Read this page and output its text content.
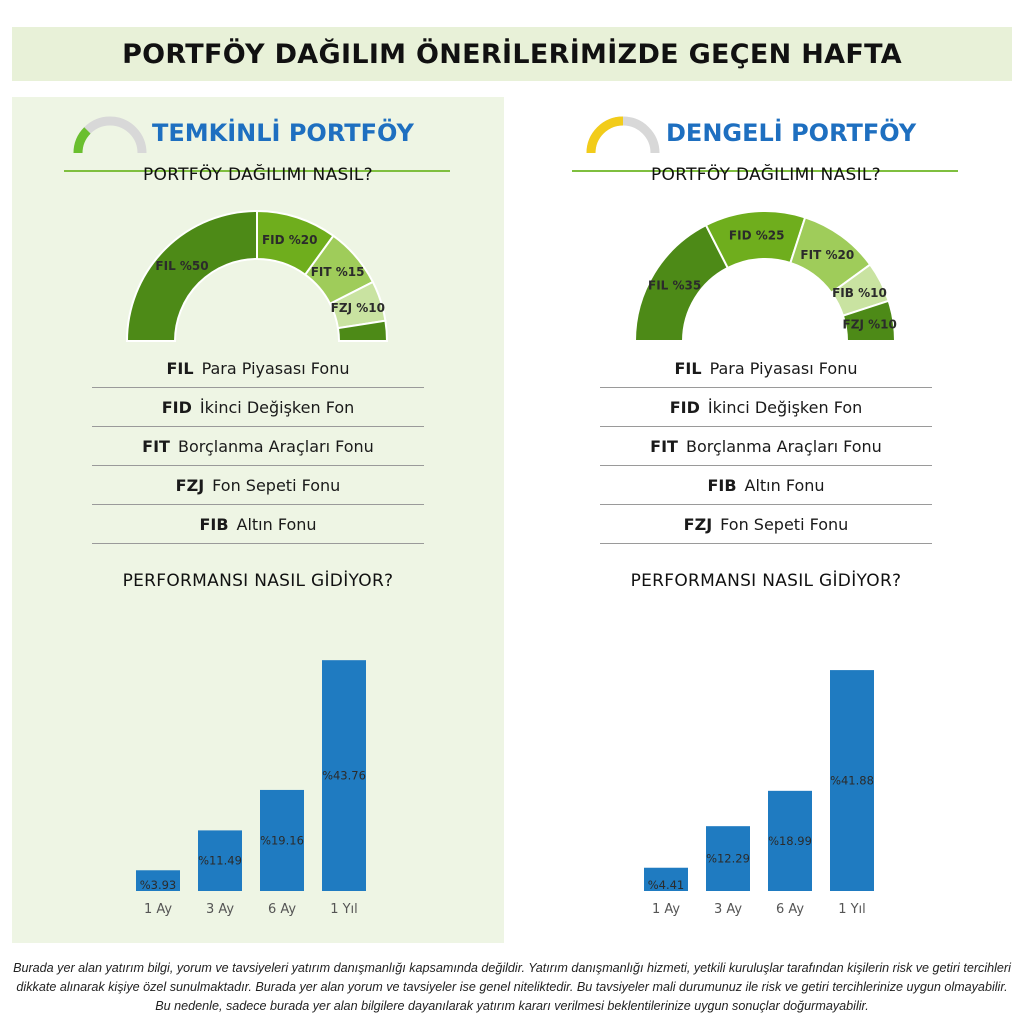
PORTFÖY DAĞILIM ÖNERİLERİMİZDE GEÇEN HAFTA
TEMKİNLİ PORTFÖY
PORTFÖY DAĞILIMI NASIL?
FIL %50
FID %20
FIT %15
FZJ %10
FIL Para Piyasası Fonu
FID İkinci Değişken Fon
FIT Borçlanma Araçları Fonu
FZJ Fon Sepeti Fonu
FIB Altın Fonu
PERFORMANSI NASIL GİDİYOR?
%3.93
1 Ay
%11.49
3 Ay
%19.16
6 Ay
%43.76
1 Yıl
DENGELİ PORTFÖY
PORTFÖY DAĞILIMI NASIL?
FIL %35
FID %25
FIT %20
FIB %10
FZJ %10
FIL Para Piyasası Fonu
FID İkinci Değişken Fon
FIT Borçlanma Araçları Fonu
FIB Altın Fonu
FZJ Fon Sepeti Fonu
PERFORMANSI NASIL GİDİYOR?
%4.41
1 Ay
%12.29
3 Ay
%18.99
6 Ay
%41.88
1 Yıl
Burada yer alan yatırım bilgi, yorum ve tavsiyeleri yatırım danışmanlığı kapsamında değildir. Yatırım danışmanlığı hizmeti, yetkili kuruluşlar tarafından kişilerin risk ve getiri tercihleri dikkate alınarak kişiye özel sunulmaktadır. Burada yer alan yorum ve tavsiyeler ise genel niteliktedir. Bu tavsiyeler mali durumunuz ile risk ve getiri tercihlerinize uygun olmayabilir. Bu nedenle, sadece burada yer alan bilgilere dayanılarak yatırım kararı verilmesi beklentilerinize uygun sonuçlar doğurmayabilir.
